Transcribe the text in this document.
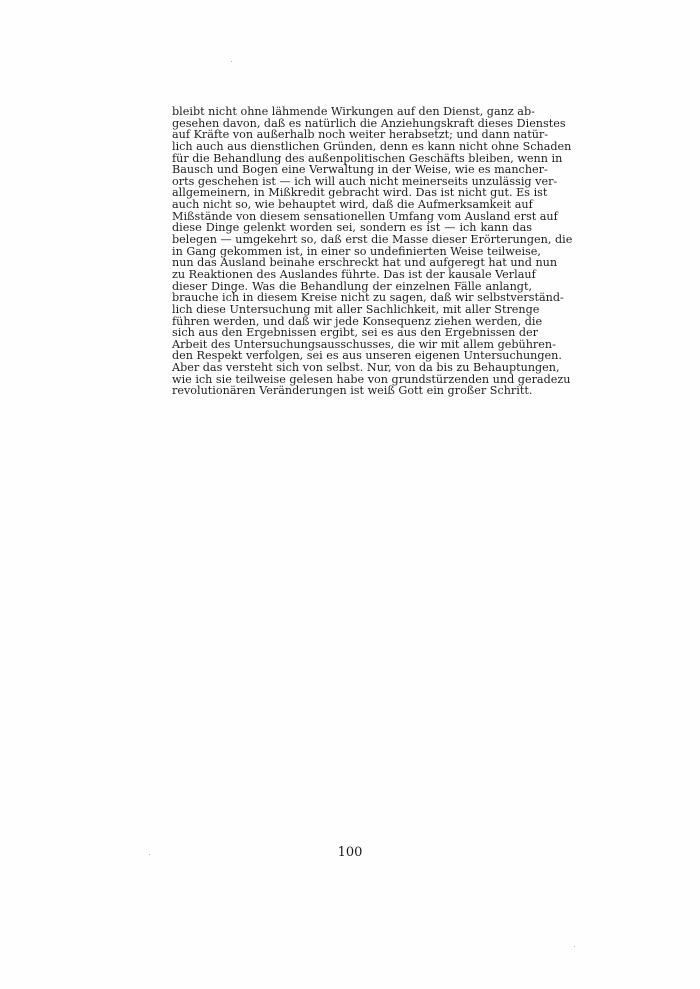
bleibt nicht ohne lähmende Wirkungen auf den Dienst, ganz ab-
gesehen davon, daß es natürlich die Anziehungskraft dieses Dienstes
auf Kräfte von außerhalb noch weiter herabsetzt; und dann natür-
lich auch aus dienstlichen Gründen, denn es kann nicht ohne Schaden
für die Behandlung des außenpolitischen Geschäfts bleiben, wenn in
Bausch und Bogen eine Verwaltung in der Weise, wie es mancher-
orts geschehen ist — ich will auch nicht meinerseits unzulässig ver-
allgemeinern, in Mißkredit gebracht wird. Das ist nicht gut. Es ist
auch nicht so, wie behauptet wird, daß die Aufmerksamkeit auf
Mißstände von diesem sensationellen Umfang vom Ausland erst auf
diese Dinge gelenkt worden sei, sondern es ist — ich kann das
belegen — umgekehrt so, daß erst die Masse dieser Erörterungen, die
in Gang gekommen ist, in einer so undefinierten Weise teilweise,
nun das Ausland beinahe erschreckt hat und aufgeregt hat und nun
zu Reaktionen des Auslandes führte. Das ist der kausale Verlauf
dieser Dinge. Was die Behandlung der einzelnen Fälle anlangt,
brauche ich in diesem Kreise nicht zu sagen, daß wir selbstverständ-
lich diese Untersuchung mit aller Sachlichkeit, mit aller Strenge
führen werden, und daß wir jede Konsequenz ziehen werden, die
sich aus den Ergebnissen ergibt, sei es aus den Ergebnissen der
Arbeit des Untersuchungsausschusses, die wir mit allem gebühren-
den Respekt verfolgen, sei es aus unseren eigenen Untersuchungen.
Aber das versteht sich von selbst. Nur, von da bis zu Behauptungen,
wie ich sie teilweise gelesen habe von grundstürzenden und geradezu
revolutionären Veränderungen ist weiß Gott ein großer Schritt.
100
